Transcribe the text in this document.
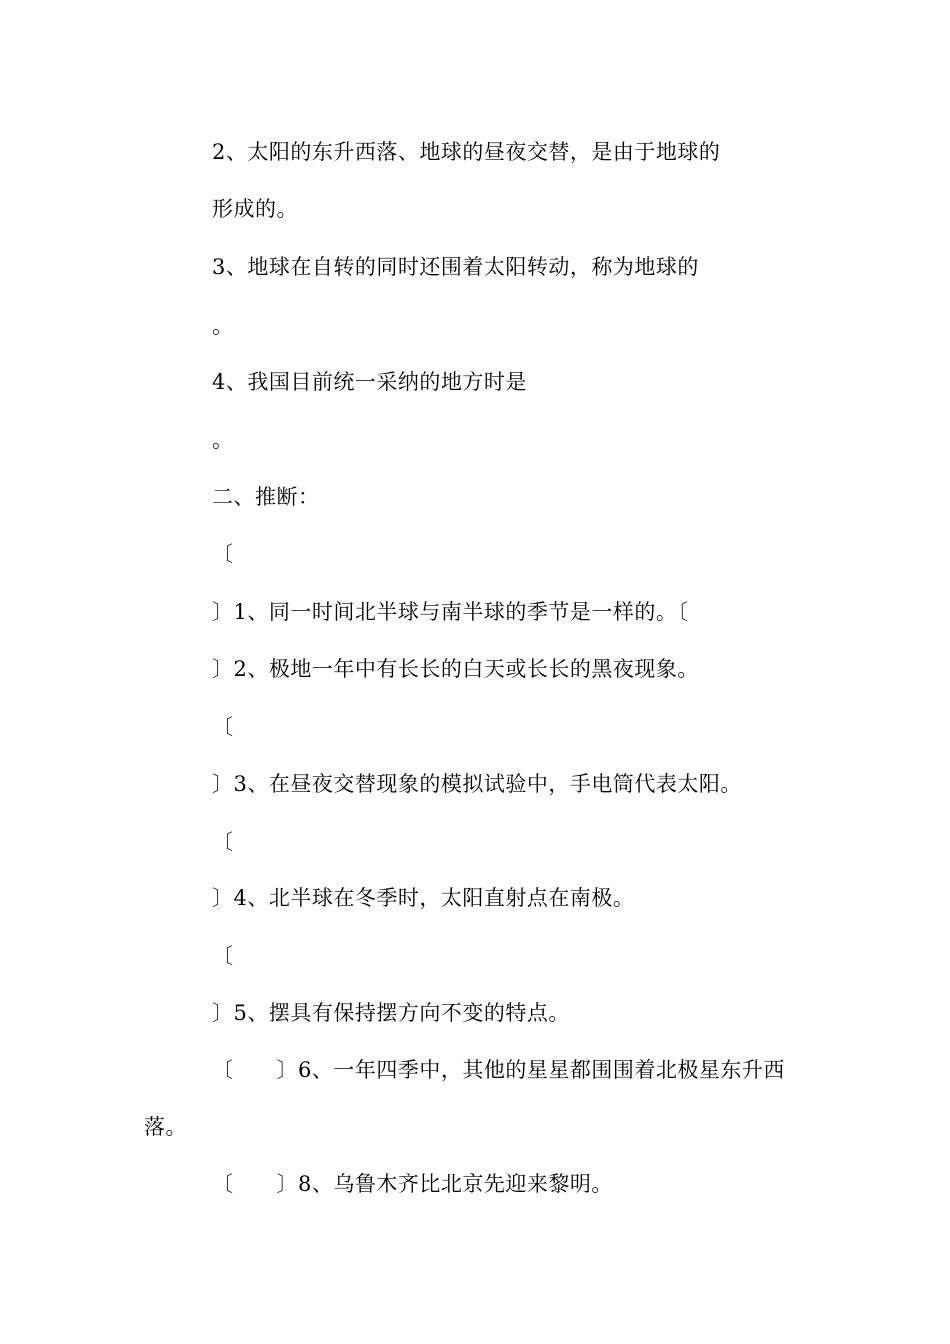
2、太阳的东升西落、地球的昼夜交替，是由于地球的
形成的。
3、地球在自转的同时还围着太阳转动，称为地球的
。
4、我国目前统一采纳的地方时是
。
二、推断：
〔
〕1、同一时间北半球与南半球的季节是一样的。〔
〕2、极地一年中有长长的白天或长长的黑夜现象。
〔
〕3、在昼夜交替现象的模拟试验中，手电筒代表太阳。
〔
〕4、北半球在冬季时，太阳直射点在南极。
〔
〕5、摆具有保持摆方向不变的特点。
〔　　〕6、一年四季中，其他的星星都围围着北极星东升西
落。
〔　　〕8、乌鲁木齐比北京先迎来黎明。
